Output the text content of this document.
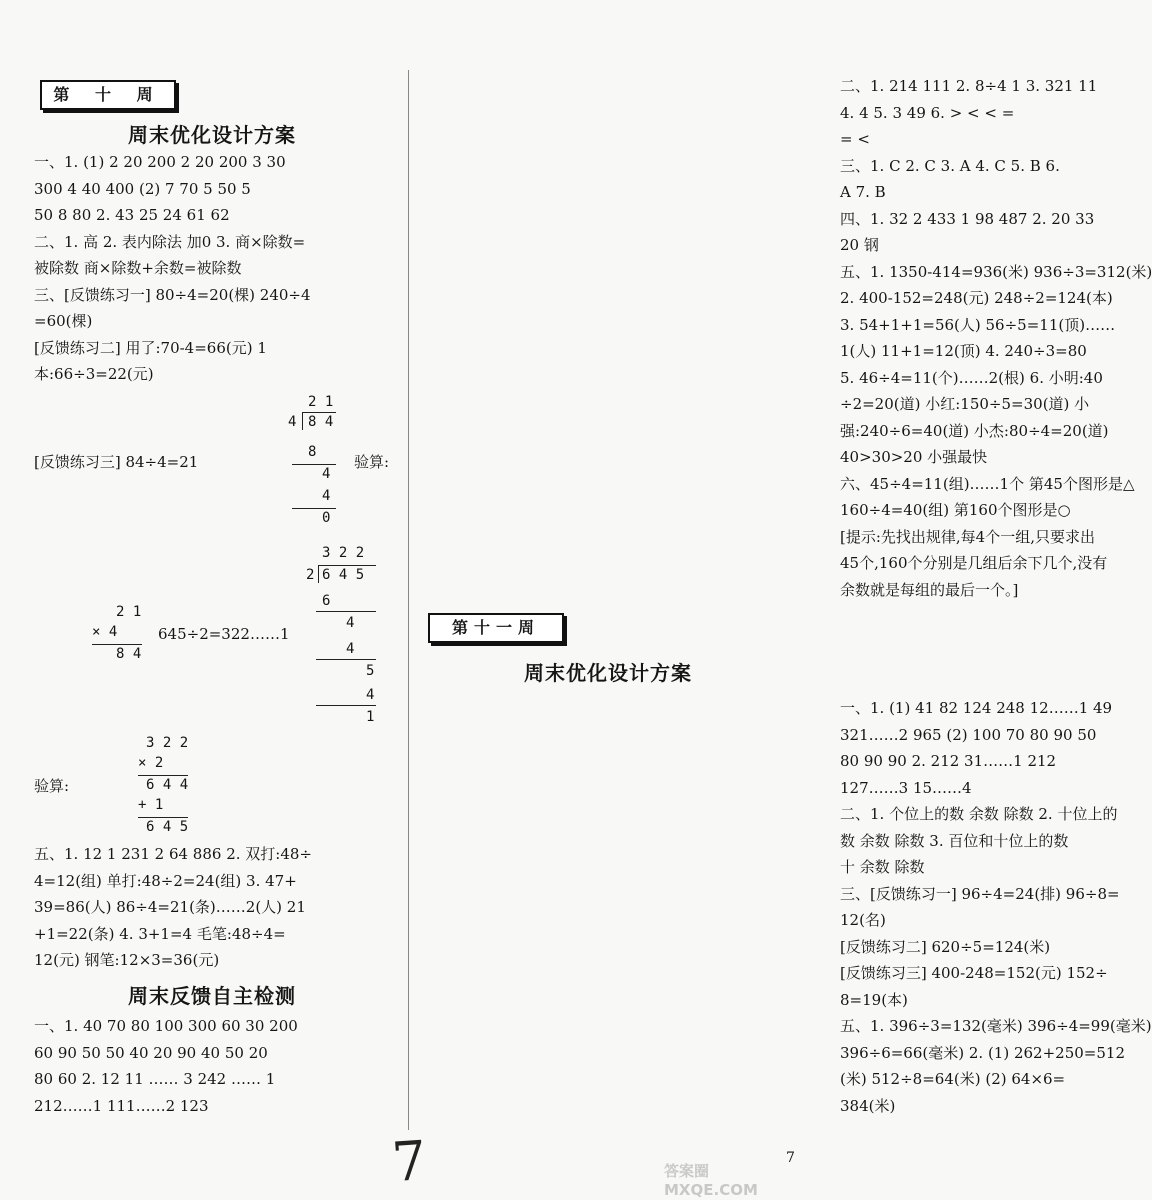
第 十 周
周末优化设计方案
一、1. (1) 2 20 200 2 20 200 3 30
300 4 40 400 (2) 7 70 5 50 5
50 8 80 2. 43 25 24 61 62
二、1. 高 2. 表内除法 加0 3. 商×除数=
被除数 商×除数+余数=被除数
三、[反馈练习一] 80÷4=20(棵) 240÷4
=60(棵)
[反馈练习二] 用了:70-4=66(元) 1
本:66÷3=22(元)
[反馈练习三] 84÷4=21	验算:
2 1
4 8 4
8
4
4
0
3 2 2
2 6 4 5
6
4
4
5
4
1
2 1
× 4
8 4
645÷2=322……1
3 2 2
× 2
6 4 4
+ 1
6 4 5
验算:
五、1. 12 1 231 2 64 886 2. 双打:48÷
4=12(组) 单打:48÷2=24(组) 3. 47+
39=86(人) 86÷4=21(条)……2(人) 21
+1=22(条) 4. 3+1=4 毛笔:48÷4=
12(元) 钢笔:12×3=36(元)
周末反馈自主检测
一、1. 40 70 80 100 300 60 30 200
60 90 50 50 40 20 90 40 50 20
80 60 2. 12 11 …… 3 242 …… 1
212……1 111……2 123
二、1. 214 111 2. 8÷4 1 3. 321 11
4. 4 5. 3 49 6. > < < =
= <
三、1. C 2. C 3. A 4. C 5. B 6.
A 7. B
四、1. 32 2 433 1 98 487 2. 20 33
20 钢
五、1. 1350-414=936(米) 936÷3=312(米)
2. 400-152=248(元) 248÷2=124(本)
3. 54+1+1=56(人) 56÷5=11(顶)……
1(人) 11+1=12(顶) 4. 240÷3=80
5. 46÷4=11(个)……2(根) 6. 小明:40
÷2=20(道) 小红:150÷5=30(道) 小
强:240÷6=40(道) 小杰:80÷4=20(道)
40>30>20 小强最快
六、45÷4=11(组)……1个 第45个图形是△
160÷4=40(组) 第160个图形是○
[提示:先找出规律,每4个一组,只要求出
45个,160个分别是几组后余下几个,没有
余数就是每组的最后一个。]
第十一周
周末优化设计方案
一、1. (1) 41 82 124 248 12……1 49
321……2 965 (2) 100 70 80 90 50
80 90 90 2. 212 31……1 212
127……3 15……4
二、1. 个位上的数 余数 除数 2. 十位上的
数 余数 除数 3. 百位和十位上的数
十 余数 除数
三、[反馈练习一] 96÷4=24(排) 96÷8=
12(名)
[反馈练习二] 620÷5=124(米)
[反馈练习三] 400-248=152(元) 152÷
8=19(本)
五、1. 396÷3=132(毫米) 396÷4=99(毫米)
396÷6=66(毫米) 2. (1) 262+250=512
(米) 512÷8=64(米) (2) 64×6=
384(米)
7	7
答案圈 MXQE.COM
